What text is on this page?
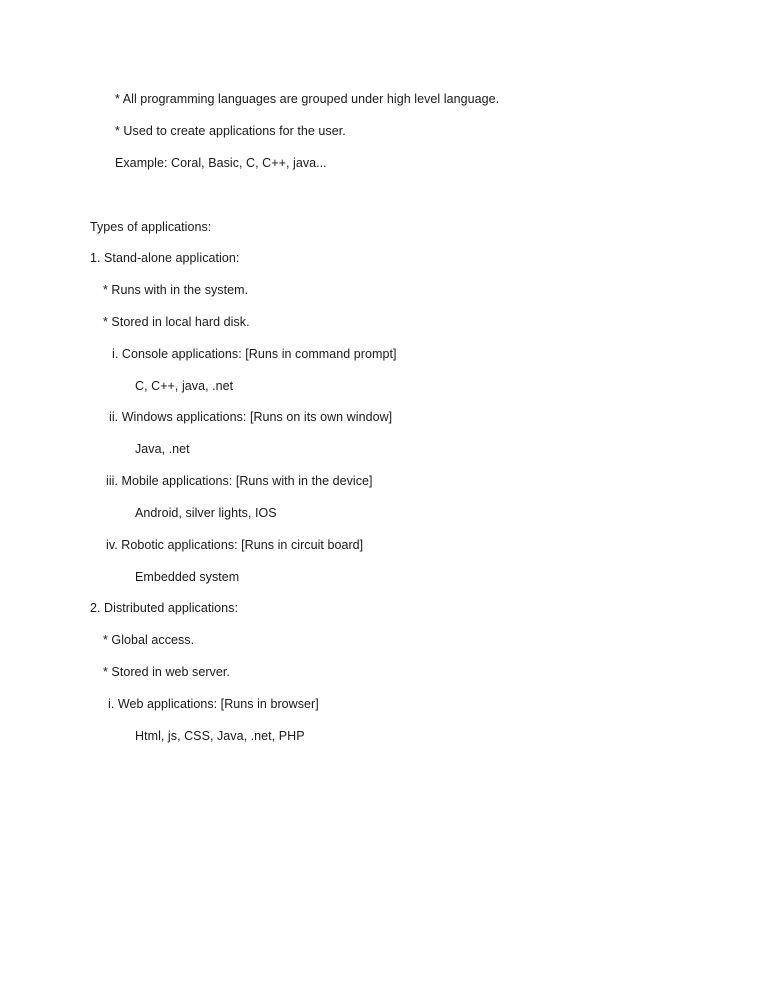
* All programming languages are grouped under high level language.
* Used to create applications for the user.
Example: Coral, Basic, C, C++, java...
Types of applications:
1. Stand-alone application:
* Runs with in the system.
* Stored in local hard disk.
i. Console applications: [Runs in command prompt]
C, C++, java, .net
ii. Windows applications: [Runs on its own window]
Java, .net
iii. Mobile applications: [Runs with in the device]
Android, silver lights, IOS
iv. Robotic applications: [Runs in circuit board]
Embedded system
2. Distributed applications:
* Global access.
* Stored in web server.
i. Web applications: [Runs in browser]
Html, js, CSS, Java, .net, PHP
